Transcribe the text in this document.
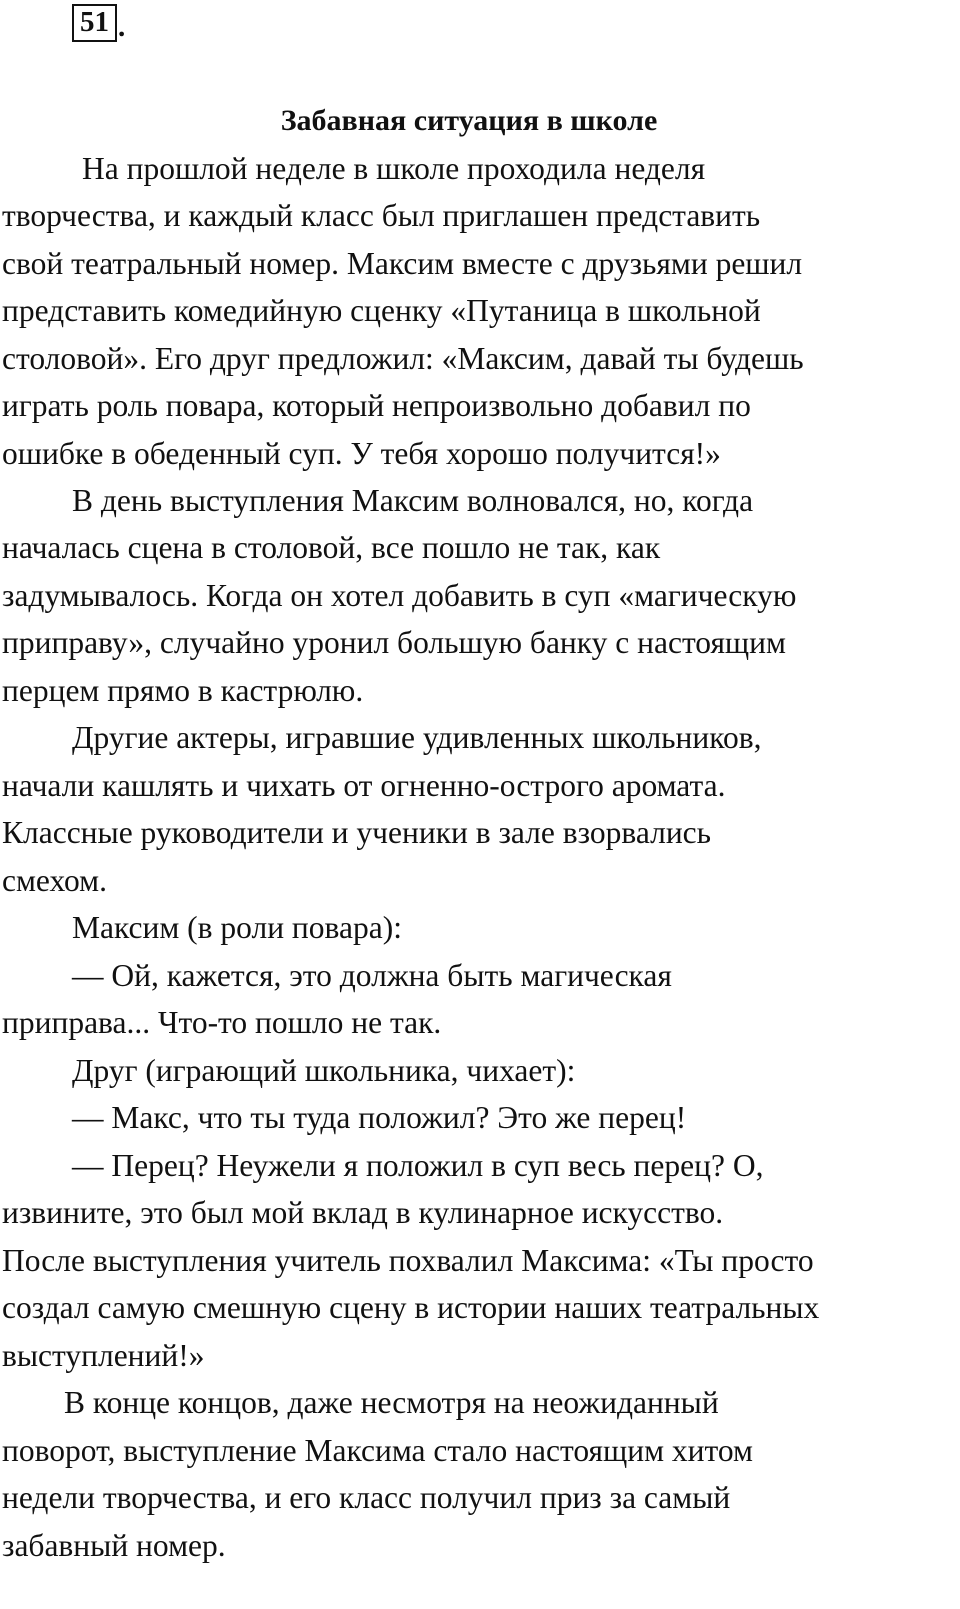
51 .
Забавная ситуация в школе
На прошлой неделе в школе проходила неделя
творчества, и каждый класс был приглашен представить
свой театральный номер. Максим вместе с друзьями решил
представить комедийную сценку «Путаница в школьной
столовой». Его друг предложил: «Максим, давай ты будешь
играть роль повара, который непроизвольно добавил по
ошибке в обеденный суп. У тебя хорошо получится!»
В день выступления Максим волновался, но, когда
началась сцена в столовой, все пошло не так, как
задумывалось. Когда он хотел добавить в суп «магическую
приправу», случайно уронил большую банку с настоящим
перцем прямо в кастрюлю.
Другие актеры, игравшие удивленных школьников,
начали кашлять и чихать от огненно-острого аромата.
Классные руководители и ученики в зале взорвались
смехом.
Максим (в роли повара):
— Ой, кажется, это должна быть магическая
приправа... Что-то пошло не так.
Друг (играющий школьника, чихает):
— Макс, что ты туда положил? Это же перец!
— Перец? Неужели я положил в суп весь перец? О,
извините, это был мой вклад в кулинарное искусство.
После выступления учитель похвалил Максима: «Ты просто
создал самую смешную сцену в истории наших театральных
выступлений!»
В конце концов, даже несмотря на неожиданный
поворот, выступление Максима стало настоящим хитом
недели творчества, и его класс получил приз за самый
забавный номер.
